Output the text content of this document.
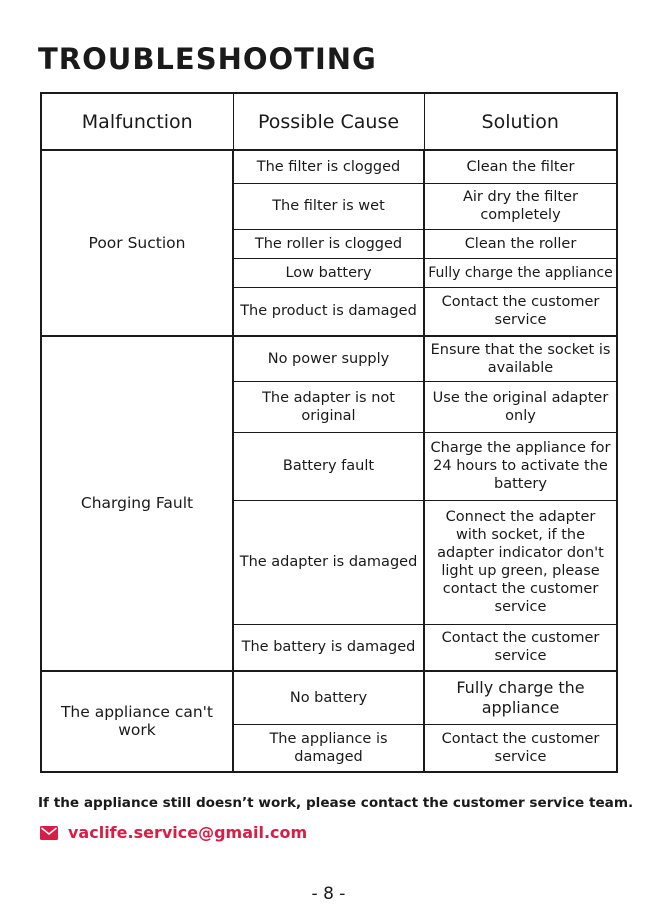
TROUBLESHOOTING
Malfunction	Possible Cause	Solution
Poor Suction	The filter is clogged	Clean the filter
	The filter is wet	Air dry the filter completely
	The roller is clogged	Clean the roller
	Low battery	Fully charge the appliance
	The product is damaged	Contact the customer service
Charging Fault	No power supply	Ensure that the socket is available
	The adapter is not original	Use the original adapter only
	Battery fault	Charge the appliance for 24 hours to activate the battery
	The adapter is damaged	Connect the adapter with socket, if the adapter indicator don't light up green, please contact the customer service
	The battery is damaged	Contact the customer service
The appliance can't work	No battery	Fully charge the appliance
	The appliance is damaged	Contact the customer service

If the appliance still doesn’t work, please contact the customer service team.

vaclife.service@gmail.com
- 8 -
